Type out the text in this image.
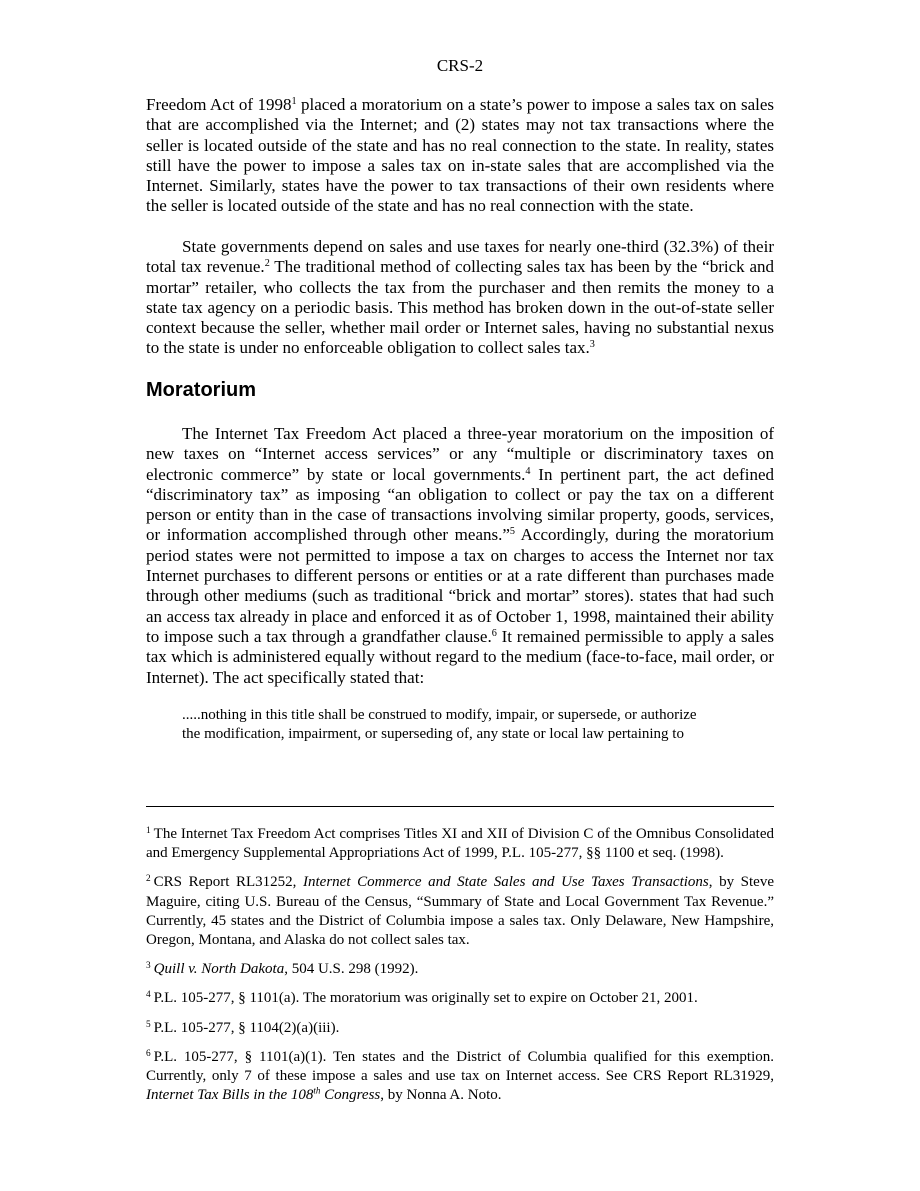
CRS-2
Freedom Act of 1998$^1$ placed a moratorium on a state’s power to impose a sales tax on sales that are accomplished via the Internet; and (2) states may not tax transactions where the seller is located outside of the state and has no real connection to the state. In reality, states still have the power to impose a sales tax on in-state sales that are accomplished via the Internet. Similarly, states have the power to tax transactions of their own residents where the seller is located outside of the state and has no real connection with the state.
State governments depend on sales and use taxes for nearly one-third (32.3%) of their total tax revenue.$^2$ The traditional method of collecting sales tax has been by the “brick and mortar” retailer, who collects the tax from the purchaser and then remits the money to a state tax agency on a periodic basis. This method has broken down in the out-of-state seller context because the seller, whether mail order or Internet sales, having no substantial nexus to the state is under no enforceable obligation to collect sales tax.$^3$
Moratorium
The Internet Tax Freedom Act placed a three-year moratorium on the imposition of new taxes on “Internet access services” or any “multiple or discriminatory taxes on electronic commerce” by state or local governments.$^4$ In pertinent part, the act defined “discriminatory tax” as imposing “an obligation to collect or pay the tax on a different person or entity than in the case of transactions involving similar property, goods, services, or information accomplished through other means.”$^5$ Accordingly, during the moratorium period states were not permitted to impose a tax on charges to access the Internet nor tax Internet purchases to different persons or entities or at a rate different than purchases made through other mediums (such as traditional “brick and mortar” stores). states that had such an access tax already in place and enforced it as of October 1, 1998, maintained their ability to impose such a tax through a grandfather clause.$^6$ It remained permissible to apply a sales tax which is administered equally without regard to the medium (face-to-face, mail order, or Internet). The act specifically stated that:
.....nothing in this title shall be construed to modify, impair, or supersede, or authorize
the modification, impairment, or superseding of, any state or local law pertaining to
$^1$ The Internet Tax Freedom Act comprises Titles XI and XII of Division C of the Omnibus Consolidated and Emergency Supplemental Appropriations Act of 1999, P.L. 105-277, §§ 1100 et seq. (1998).
$^2$ CRS Report RL31252, Internet Commerce and State Sales and Use Taxes Transactions, by Steve Maguire, citing U.S. Bureau of the Census, “Summary of State and Local Government Tax Revenue.” Currently, 45 states and the District of Columbia impose a sales tax. Only Delaware, New Hampshire, Oregon, Montana, and Alaska do not collect sales tax.
$^3$ Quill v. North Dakota, 504 U.S. 298 (1992).
$^4$ P.L. 105-277, § 1101(a). The moratorium was originally set to expire on October 21, 2001.
$^5$ P.L. 105-277, § 1104(2)(a)(iii).
$^6$ P.L. 105-277, § 1101(a)(1). Ten states and the District of Columbia qualified for this exemption. Currently, only 7 of these impose a sales and use tax on Internet access. See CRS Report RL31929, Internet Tax Bills in the 108th Congress, by Nonna A. Noto.
